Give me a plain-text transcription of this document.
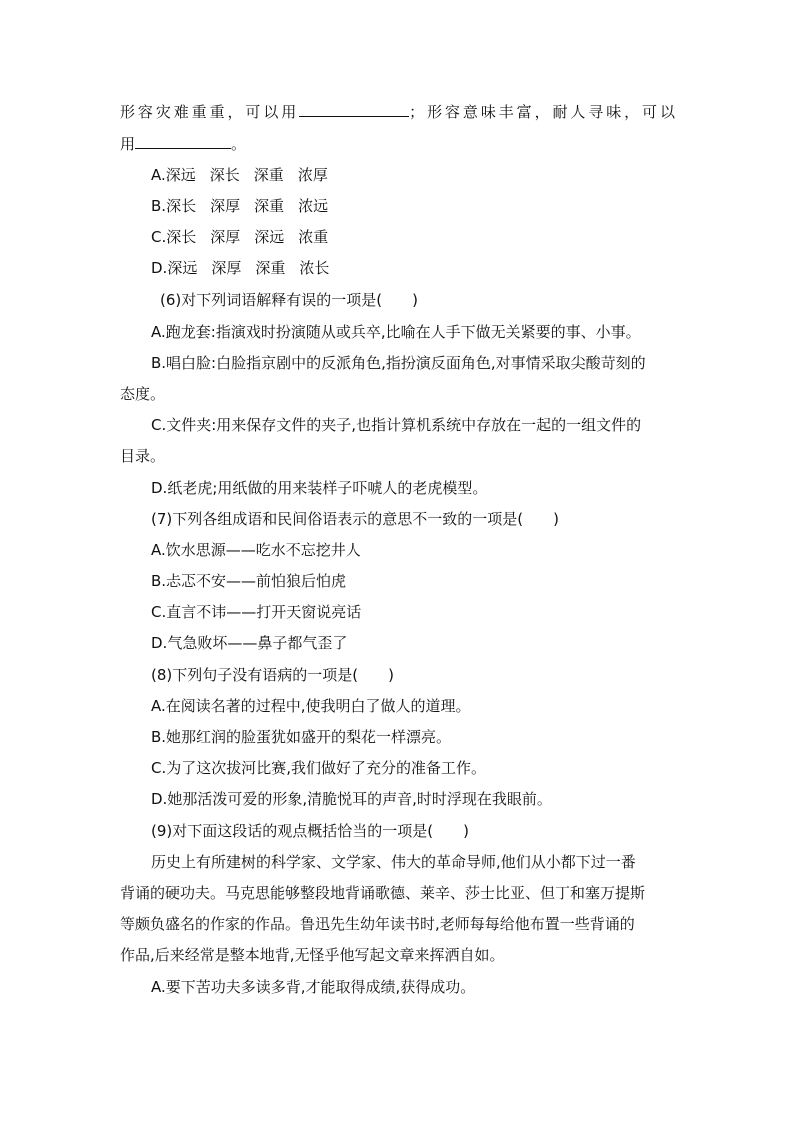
形容灾难重重，可以用	；形容意味丰富，耐人寻味，可以
用	。
A.深远 深长 深重 浓厚
B.深长 深厚 深重 浓远
C.深长 深厚 深远 浓重
D.深远 深厚 深重 浓长
(6)对下列词语解释有误的一项是( )
A.跑龙套:指演戏时扮演随从或兵卒,比喻在人手下做无关紧要的事、小事。
B.唱白脸:白脸指京剧中的反派角色,指扮演反面角色,对事情采取尖酸苛刻的
态度。
C.文件夹:用来保存文件的夹子,也指计算机系统中存放在一起的一组文件的
目录。
D.纸老虎;用纸做的用来装样子吓唬人的老虎模型。
(7)下列各组成语和民间俗语表示的意思不一致的一项是( )
A.饮水思源——吃水不忘挖井人
B.忐忑不安——前怕狼后怕虎
C.直言不讳——打开天窗说亮话
D.气急败坏——鼻子都气歪了
(8)下列句子没有语病的一项是( )
A.在阅读名著的过程中,使我明白了做人的道理。
B.她那红润的脸蛋犹如盛开的梨花一样漂亮。
C.为了这次拔河比赛,我们做好了充分的准备工作。
D.她那活泼可爱的形象,清脆悦耳的声音,时时浮现在我眼前。
(9)对下面这段话的观点概括恰当的一项是( )
历史上有所建树的科学家、文学家、伟大的革命导师,他们从小都下过一番
背诵的硬功夫。马克思能够整段地背诵歌德、莱辛、莎士比亚、但丁和塞万提斯
等颇负盛名的作家的作品。鲁迅先生幼年读书时,老师每每给他布置一些背诵的
作品,后来经常是整本地背,无怪乎他写起文章来挥洒自如。
A.要下苦功夫多读多背,才能取得成绩,获得成功。
